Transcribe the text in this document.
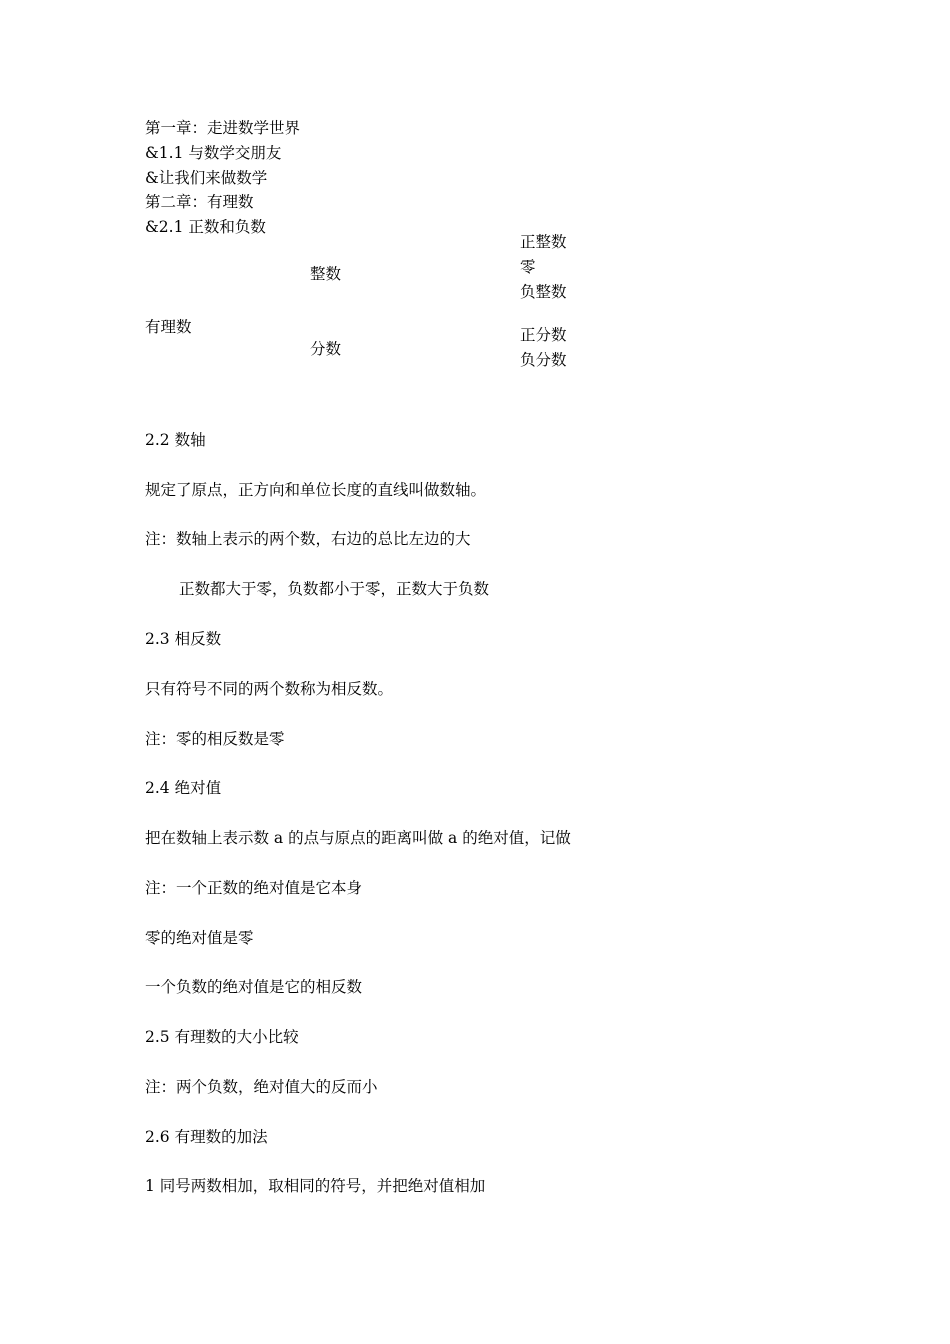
第一章：走进数学世界
&1.1 与数学交朋友
&让我们来做数学
第二章：有理数
&2.1 正数和负数
有理数
整数
正整数
零
负整数
分数
正分数
负分数
2.2 数轴
规定了原点，正方向和单位长度的直线叫做数轴。
注：数轴上表示的两个数，右边的总比左边的大
正数都大于零，负数都小于零，正数大于负数
2.3 相反数
只有符号不同的两个数称为相反数。
注：零的相反数是零
2.4 绝对值
把在数轴上表示数 a 的点与原点的距离叫做 a 的绝对值，记做
注：一个正数的绝对值是它本身
零的绝对值是零
一个负数的绝对值是它的相反数
2.5 有理数的大小比较
注：两个负数，绝对值大的反而小
2.6 有理数的加法
1 同号两数相加，取相同的符号，并把绝对值相加
